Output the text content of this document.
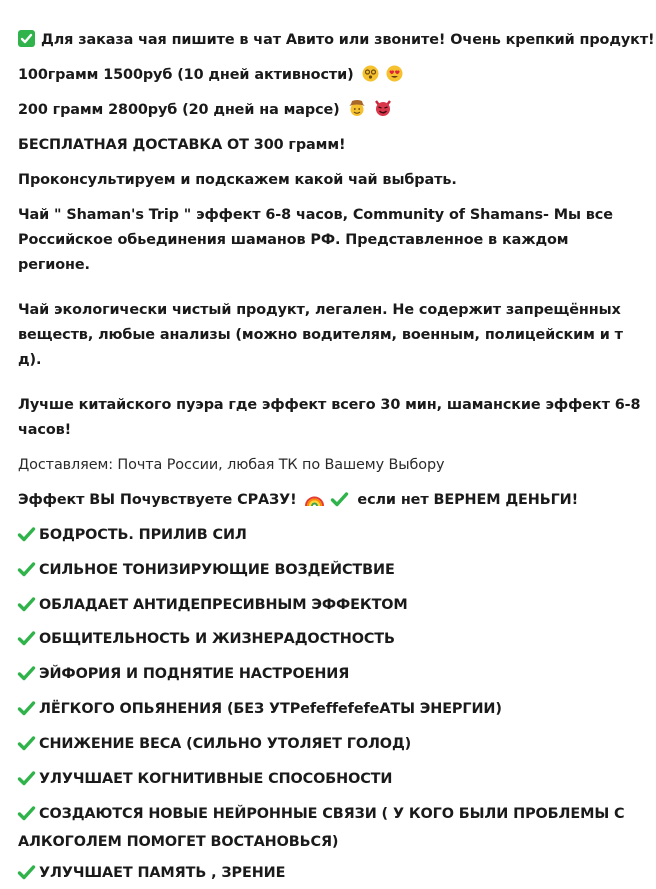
Для заказа чая пишите в чат Авито или звоните! Очень крепкий продукт!
100грамм 1500руб (10 дней активности)
200 грамм 2800руб (20 дней на марсе)
БЕСПЛАТНАЯ ДОСТАВКА ОТ 300 грамм!
Проконсультируем и подскажем какой чай выбрать.
Чай " Shaman's Trip " эффект 6-8 часов, Community of Shamans- Мы все Российское обьединения шаманов РФ. Представленное в каждом регионе.
Чай экологически чистый продукт, легален. Не содержит запрещённых веществ, любые анализы (можно водителям, военным, полицейским и т д).
Лучше китайского пуэра где эффект всего 30 мин, шаманские эффект 6-8 часов!
Доставляем: Почта России, любая ТК по Вашему Выбору
Эффект ВЫ Почувствуете СРАЗУ!	если нет ВЕРНЕМ ДЕНЬГИ!
БОДРОСТЬ. ПРИЛИВ СИЛ
СИЛЬНОЕ ТОНИЗИРУЮЩИЕ ВОЗДЕЙСТВИЕ
ОБЛАДАЕТ АНТИДЕПРЕСИВНЫМ ЭФФЕКТОМ
ОБЩИТЕЛЬНОСТЬ И ЖИЗНЕРАДОСТНОСТЬ
ЭЙФОРИЯ И ПОДНЯТИЕ НАСТРОЕНИЯ
ЛЁГКОГО ОПЬЯНЕНИЯ (БЕЗ УТРefeffefefeАТЫ ЭНЕРГИИ)
СНИЖЕНИЕ ВЕСА (СИЛЬНО УТОЛЯЕТ ГОЛОД)
УЛУЧШАЕТ КОГНИТИВНЫЕ СПОСОБНОСТИ
СОЗДАЮТСЯ НОВЫЕ НЕЙРОННЫЕ СВЯЗИ ( У КОГО БЫЛИ ПРОБЛЕМЫ С АЛКОГОЛЕМ ПОМОГЕТ ВОСТАНОВЬСЯ)
УЛУЧШАЕТ ПАМЯТЬ , ЗРЕНИЕ
